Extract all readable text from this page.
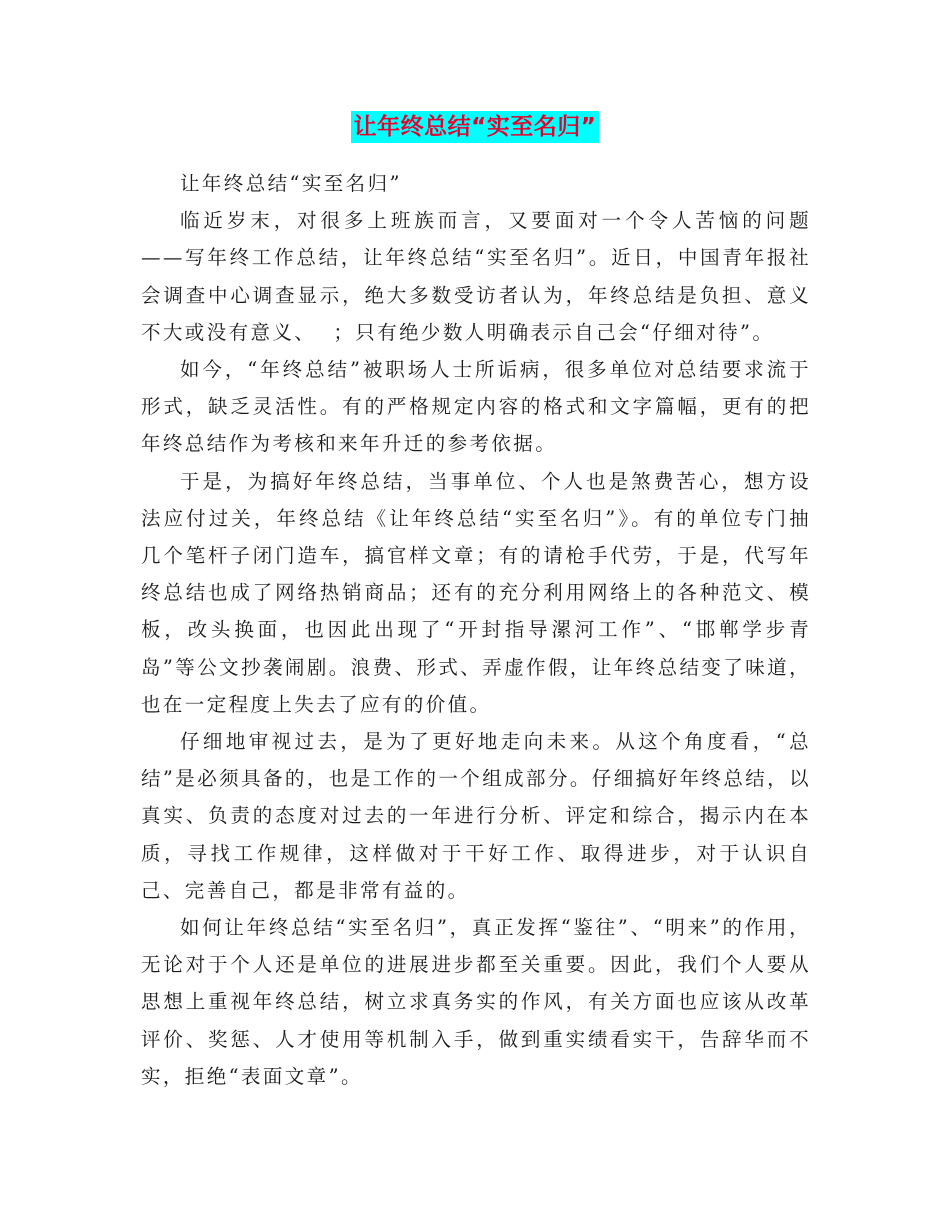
让年终总结“实至名归”

让年终总结“实至名归”

临近岁末，对很多上班族而言，又要面对一个令人苦恼的问题——写年终工作总结，让年终总结“实至名归”。近日，中国青年报社会调查中心调查显示，绝大多数受访者认为，年终总结是负担、意义不大或没有意义、  ；只有绝少数人明确表示自己会“仔细对待”。

如今，“年终总结”被职场人士所诟病，很多单位对总结要求流于形式，缺乏灵活性。有的严格规定内容的格式和文字篇幅，更有的把年终总结作为考核和来年升迁的参考依据。

于是，为搞好年终总结，当事单位、个人也是煞费苦心，想方设法应付过关，年终总结《让年终总结“实至名归”》。有的单位专门抽几个笔杆子闭门造车，搞官样文章；有的请枪手代劳，于是，代写年终总结也成了网络热销商品；还有的充分利用网络上的各种范文、模板，改头换面，也因此出现了“开封指导漯河工作”、“邯郸学步青岛”等公文抄袭闹剧。浪费、形式、弄虚作假，让年终总结变了味道，也在一定程度上失去了应有的价值。

仔细地审视过去，是为了更好地走向未来。从这个角度看，“总结”是必须具备的，也是工作的一个组成部分。仔细搞好年终总结，以真实、负责的态度对过去的一年进行分析、评定和综合，揭示内在本质，寻找工作规律，这样做对于干好工作、取得进步，对于认识自己、完善自己，都是非常有益的。

如何让年终总结“实至名归”，真正发挥“鉴往”、“明来”的作用，无论对于个人还是单位的进展进步都至关重要。因此，我们个人要从思想上重视年终总结，树立求真务实的作风，有关方面也应该从改革评价、奖惩、人才使用等机制入手，做到重实绩看实干，告辞华而不实，拒绝“表面文章”。
